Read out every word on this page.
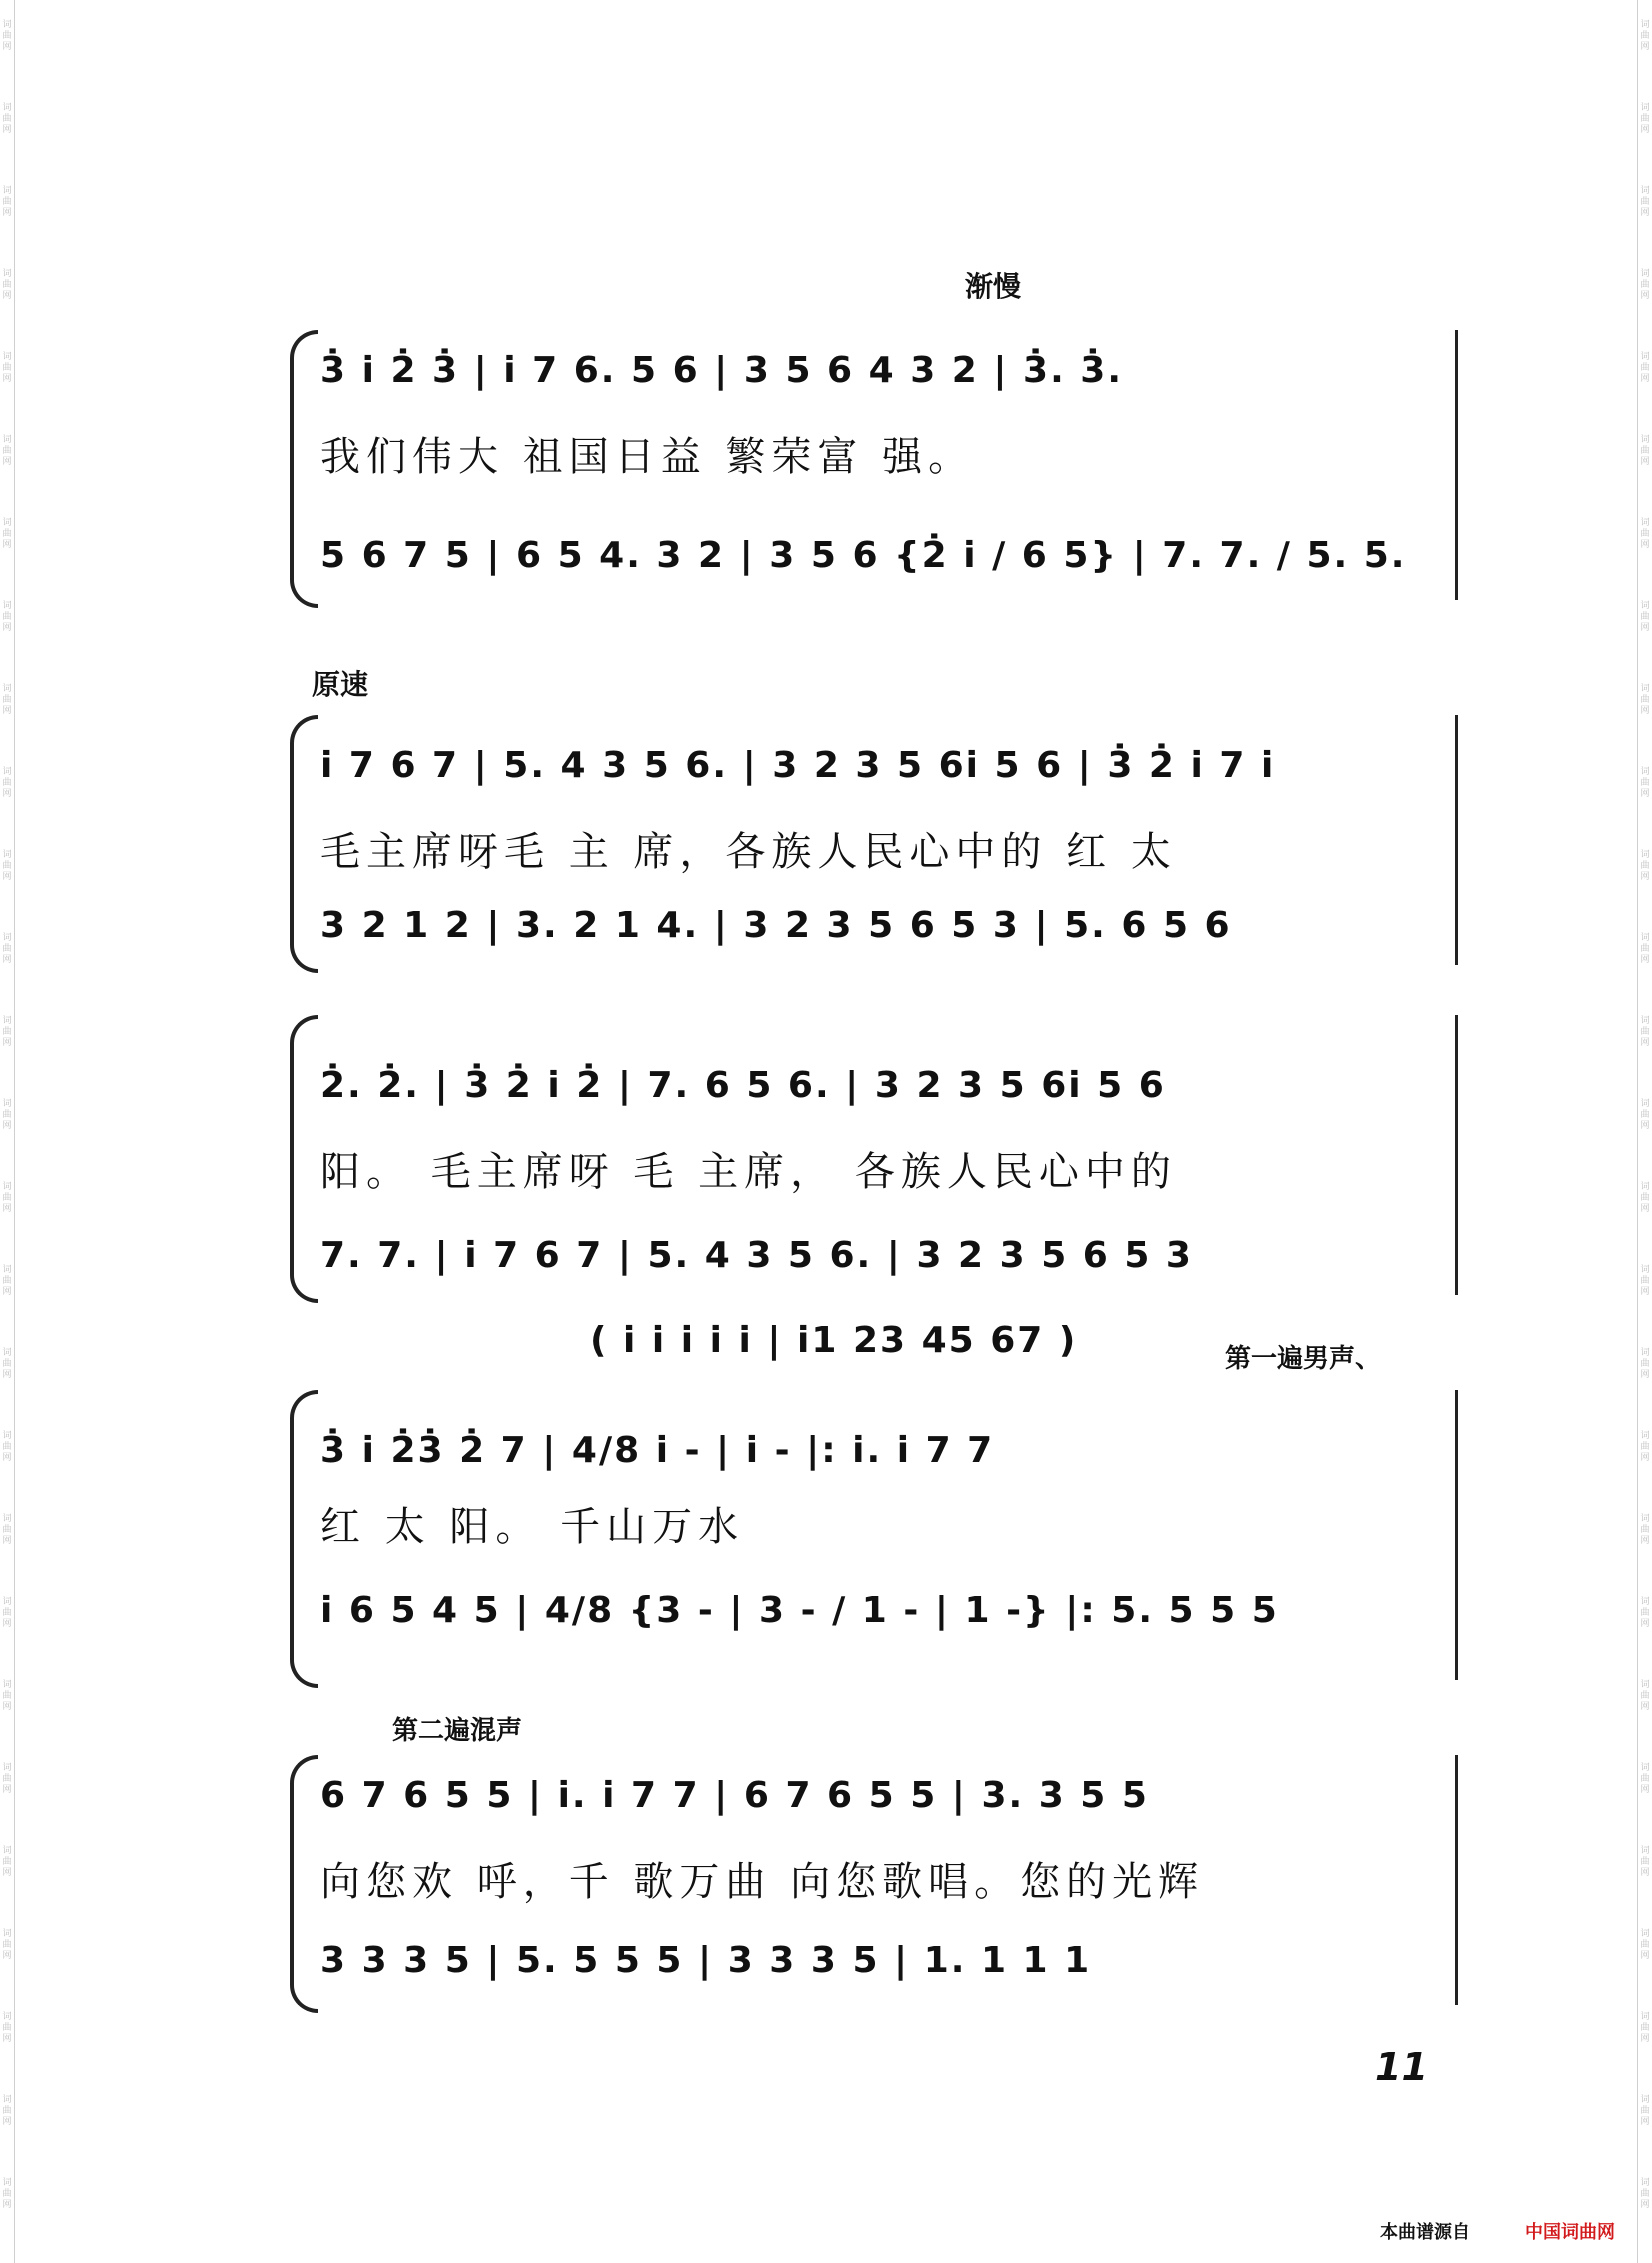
渐慢
3̇ i̇ 2̇ 3̇ | i̇ 7 6. 5 6 | 3 5 6 4 3 2 | 3̇. 3̇.
我们伟大 祖国日益 繁荣富 强。
5 6 7 5 | 6 5 4. 3 2 | 3 5 6 {2̇ i̇ / 6 5} | 7. 7. / 5. 5.
原速
i̇ 7 6 7 | 5. 4 3 5 6. | 3 2 3 5 6i̇ 5 6 | 3̇ 2̇ i̇ 7 i̇
毛主席呀毛 主 席，各族人民心中的 红 太
3 2 1 2 | 3. 2 1 4. | 3 2 3 5 6 5 3 | 5. 6 5 6
2̇. 2̇. | 3̇ 2̇ i̇ 2̇ | 7. 6 5 6. | 3 2 3 5 6i̇ 5 6
阳。 毛主席呀 毛 主席， 各族人民心中的
7. 7. | i̇ 7 6 7 | 5. 4 3 5 6. | 3 2 3 5 6 5 3
( i̇ i̇ i̇ i̇ i̇ | i̇1 23 45 67 )	第一遍男声、
3̇ i̇ 2̇3̇ 2̇ 7 | 4/8 i̇ - | i̇ - |: i̇. i̇ 7 7
红 太 阳。 千山万水
i̇ 6 5 4 5 | 4/8 {3 - | 3 - / 1 - | 1 -} |: 5. 5 5 5
第二遍混声
6 7 6 5 5 | i̇. i̇ 7 7 | 6 7 6 5 5 | 3. 3 5 5
向您欢 呼，千 歌万曲 向您歌唱。您的光辉
3 3 3 5 | 5. 5 5 5 | 3 3 3 5 | 1. 1 1 1
11
本曲谱源自	中国词曲网
词曲网
词曲网
词曲网
词曲网
词曲网
词曲网
词曲网
词曲网
词曲网
词曲网
词曲网
词曲网
词曲网
词曲网
词曲网
词曲网
词曲网
词曲网
词曲网
词曲网
词曲网
词曲网
词曲网
词曲网
词曲网
词曲网
词曲网
词曲网
词曲网
词曲网
词曲网
词曲网
词曲网
词曲网
词曲网
词曲网
词曲网
词曲网
词曲网
词曲网
词曲网
词曲网
词曲网
词曲网
词曲网
词曲网
词曲网
词曲网
词曲网
词曲网
词曲网
词曲网
词曲网
词曲网
